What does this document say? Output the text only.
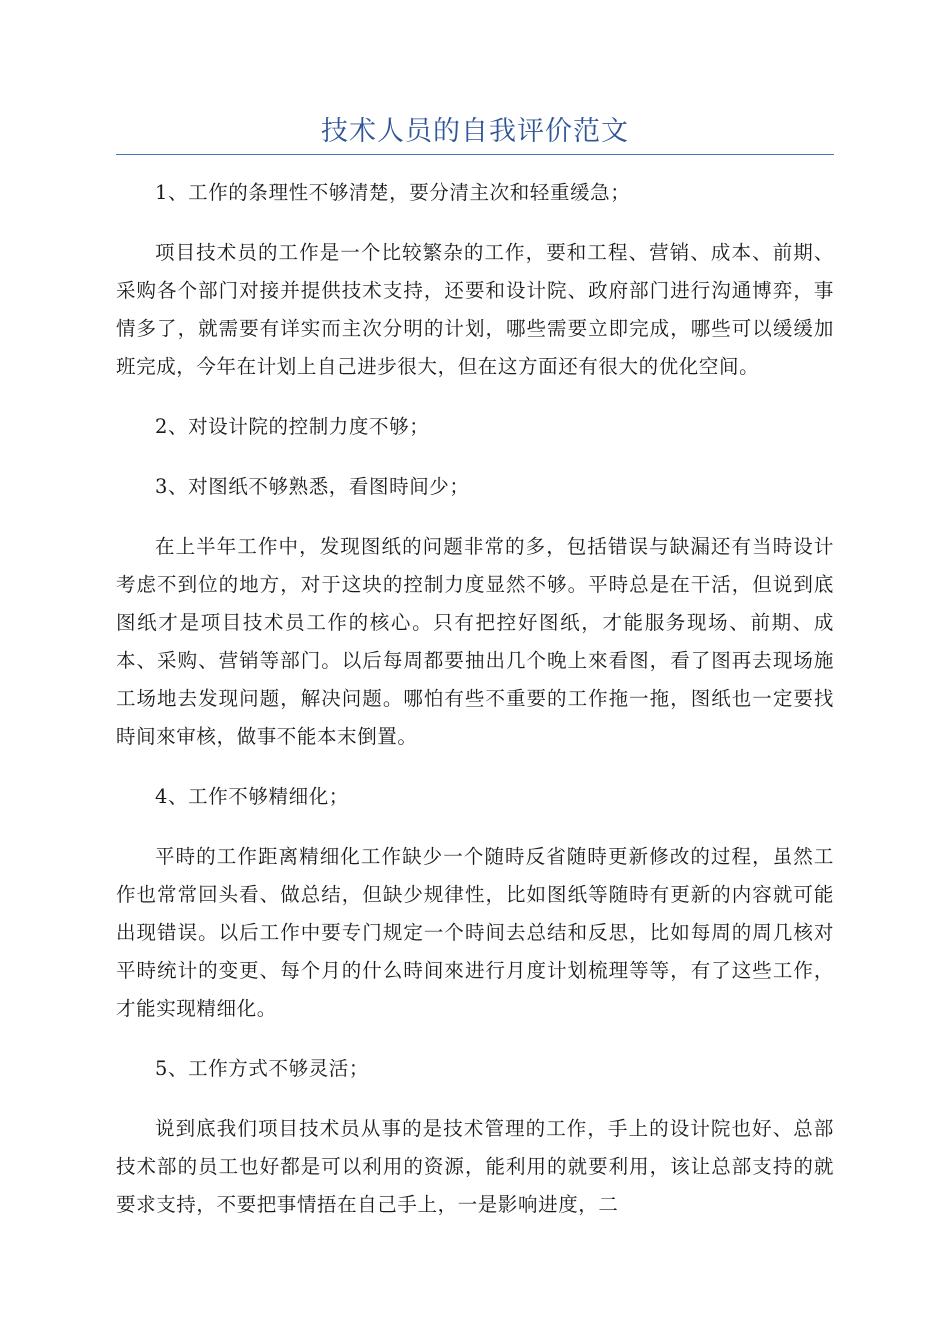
技术人员的自我评价范文

1、工作的条理性不够清楚，要分清主次和轻重缓急；

项目技术员的工作是一个比较繁杂的工作，要和工程、营销、成本、前期、采购各个部门对接并提供技术支持，还要和设计院、政府部门进行沟通博弈，事情多了，就需要有详实而主次分明的计划，哪些需要立即完成，哪些可以缓缓加班完成，今年在计划上自己进步很大，但在这方面还有很大的优化空间。

2、对设计院的控制力度不够；

3、对图纸不够熟悉，看图時间少；

在上半年工作中，发现图纸的问题非常的多，包括错误与缺漏还有当時设计考虑不到位的地方，对于这块的控制力度显然不够。平時总是在干活，但说到底图纸才是项目技术员工作的核心。只有把控好图纸，才能服务现场、前期、成本、采购、营销等部门。以后每周都要抽出几个晚上來看图，看了图再去现场施工场地去发现问题，解决问题。哪怕有些不重要的工作拖一拖，图纸也一定要找時间來审核，做事不能本末倒置。

4、工作不够精细化；

平時的工作距离精细化工作缺少一个随時反省随時更新修改的过程，虽然工作也常常回头看、做总结，但缺少规律性，比如图纸等随時有更新的内容就可能出现错误。以后工作中要专门规定一个時间去总结和反思，比如每周的周几核对平時统计的变更、每个月的什么時间來进行月度计划梳理等等，有了这些工作，才能实现精细化。

5、工作方式不够灵活；

说到底我们项目技术员从事的是技术管理的工作，手上的设计院也好、总部技术部的员工也好都是可以利用的资源，能利用的就要利用，该让总部支持的就要求支持，不要把事情捂在自己手上，一是影响进度，二
